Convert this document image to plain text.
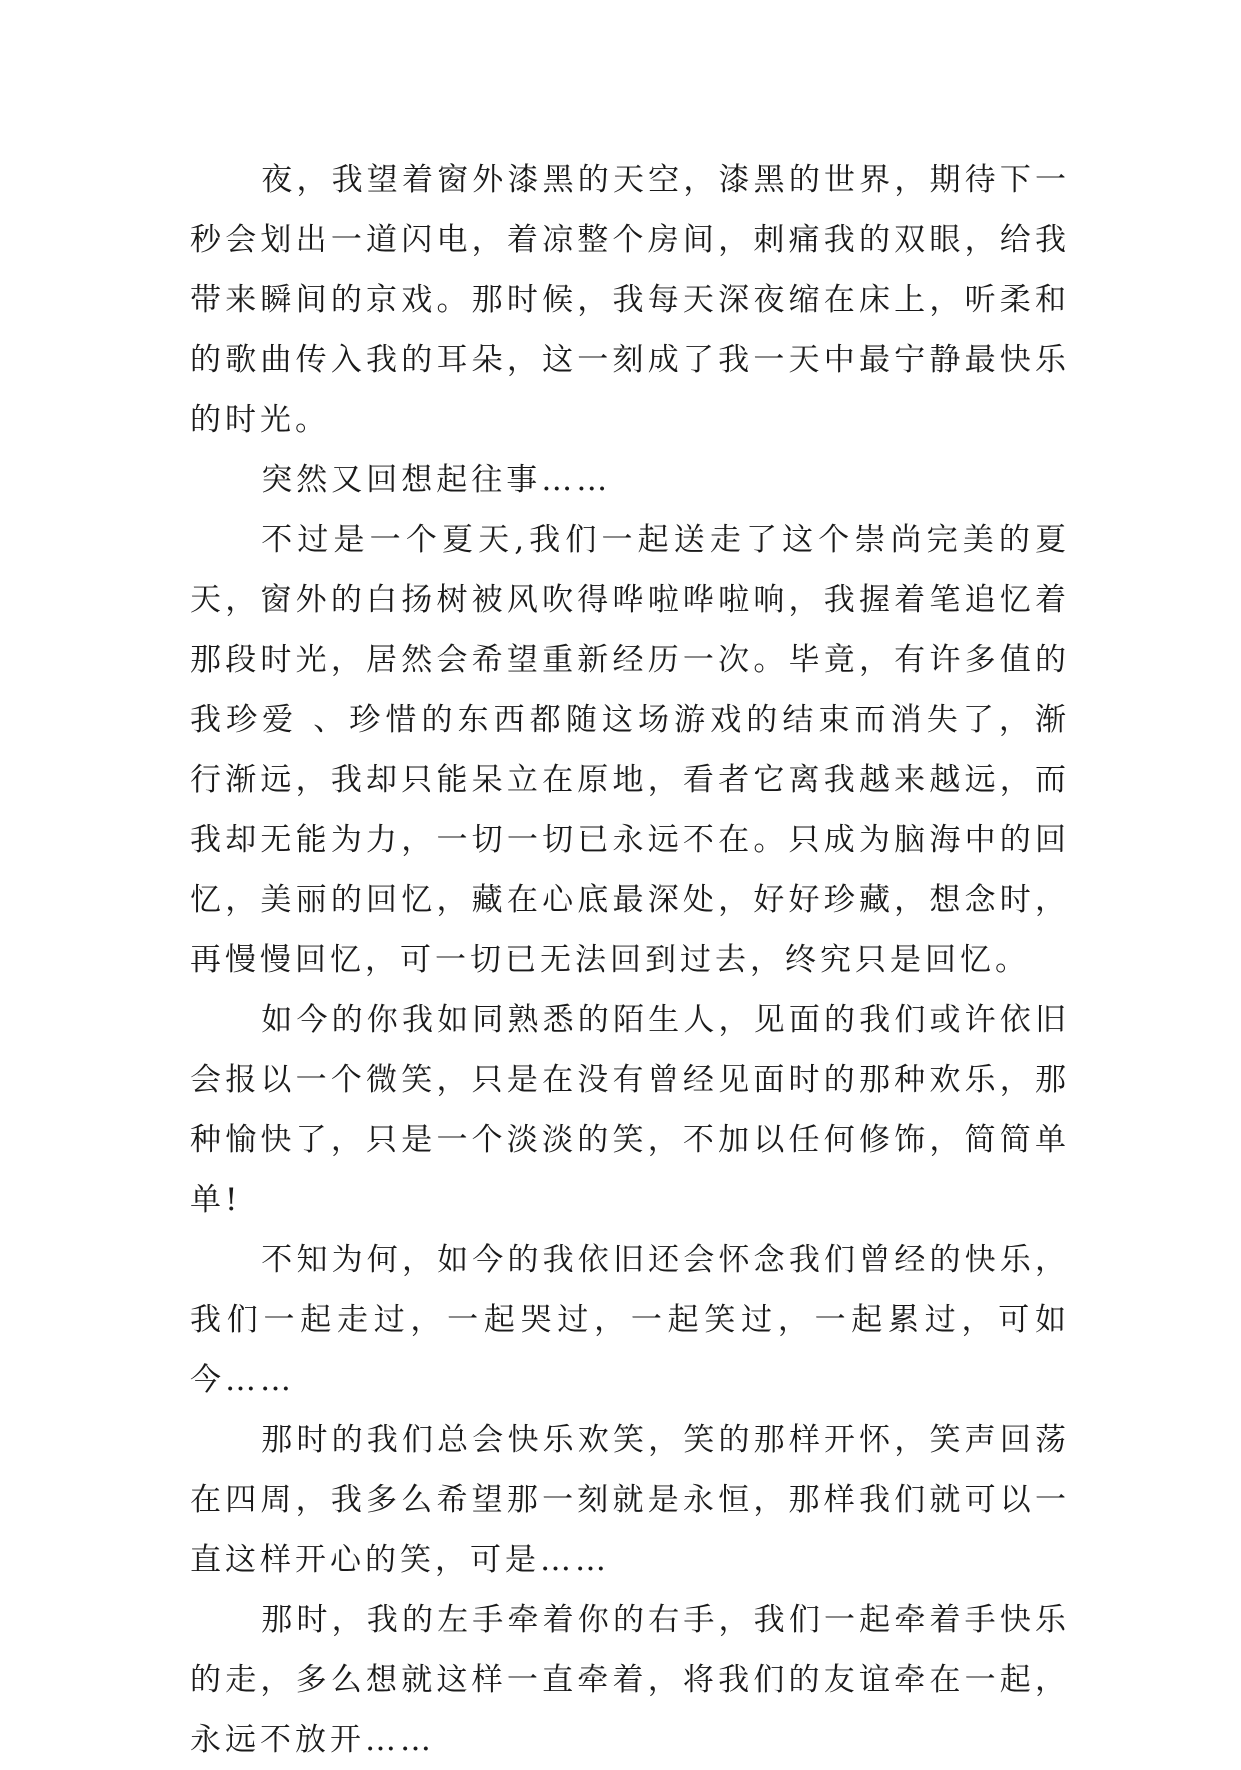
夜，我望着窗外漆黑的天空，漆黑的世界，期待下一秒会划出一道闪电，着凉整个房间，刺痛我的双眼，给我带来瞬间的京戏。那时候，我每天深夜缩在床上，听柔和的歌曲传入我的耳朵，这一刻成了我一天中最宁静最快乐的时光。

突然又回想起往事……

不过是一个夏天,我们一起送走了这个崇尚完美的夏天，窗外的白扬树被风吹得哗啦哗啦响，我握着笔追忆着那段时光，居然会希望重新经历一次。毕竟，有许多值的我珍爱 、珍惜的东西都随这场游戏的结束而消失了，渐行渐远，我却只能呆立在原地，看者它离我越来越远，而我却无能为力，一切一切已永远不在。只成为脑海中的回忆，美丽的回忆，藏在心底最深处，好好珍藏，想念时，再慢慢回忆，可一切已无法回到过去，终究只是回忆。

如今的你我如同熟悉的陌生人，见面的我们或许依旧会报以一个微笑，只是在没有曾经见面时的那种欢乐，那种愉快了，只是一个淡淡的笑，不加以任何修饰，简简单单!

不知为何，如今的我依旧还会怀念我们曾经的快乐，我们一起走过，一起哭过，一起笑过，一起累过，可如今……

那时的我们总会快乐欢笑，笑的那样开怀，笑声回荡在四周，我多么希望那一刻就是永恒，那样我们就可以一直这样开心的笑，可是……

那时，我的左手牵着你的右手，我们一起牵着手快乐的走，多么想就这样一直牵着，将我们的友谊牵在一起，永远不放开……
